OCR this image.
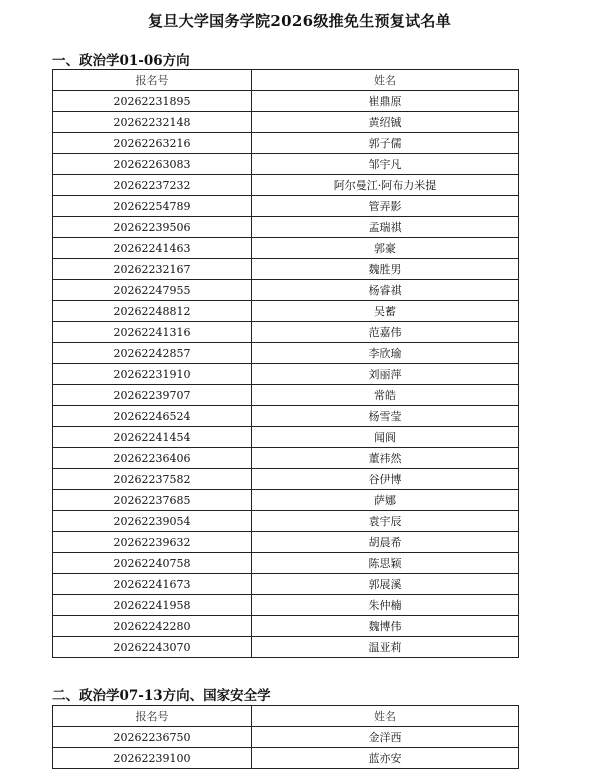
复旦大学国务学院2026级推免生预复试名单
一、政治学01-06方向
报名号	姓名
20262231895	崔鼎原
20262232148	黄绍铖
20262263216	郭子儒
20262263083	邹宇凡
20262237232	阿尔曼江·阿布力米提
20262254789	管弄影
20262239506	孟瑞祺
20262241463	郭豪
20262232167	魏胜男
20262247955	杨睿祺
20262248812	吴蓄
20262241316	范嘉伟
20262242857	李欣瑜
20262231910	刘丽萍
20262239707	常皓
20262246524	杨雪莹
20262241454	闻阆
20262236406	董祎然
20262237582	谷伊博
20262237685	萨娜
20262239054	袁宇辰
20262239632	胡晨希
20262240758	陈思颖
20262241673	郭展溪
20262241958	朱仲楠
20262242280	魏博伟
20262243070	温亚莉
二、政治学07-13方向、国家安全学
报名号	姓名
20262236750	金洋西
20262239100	蓝亦安
